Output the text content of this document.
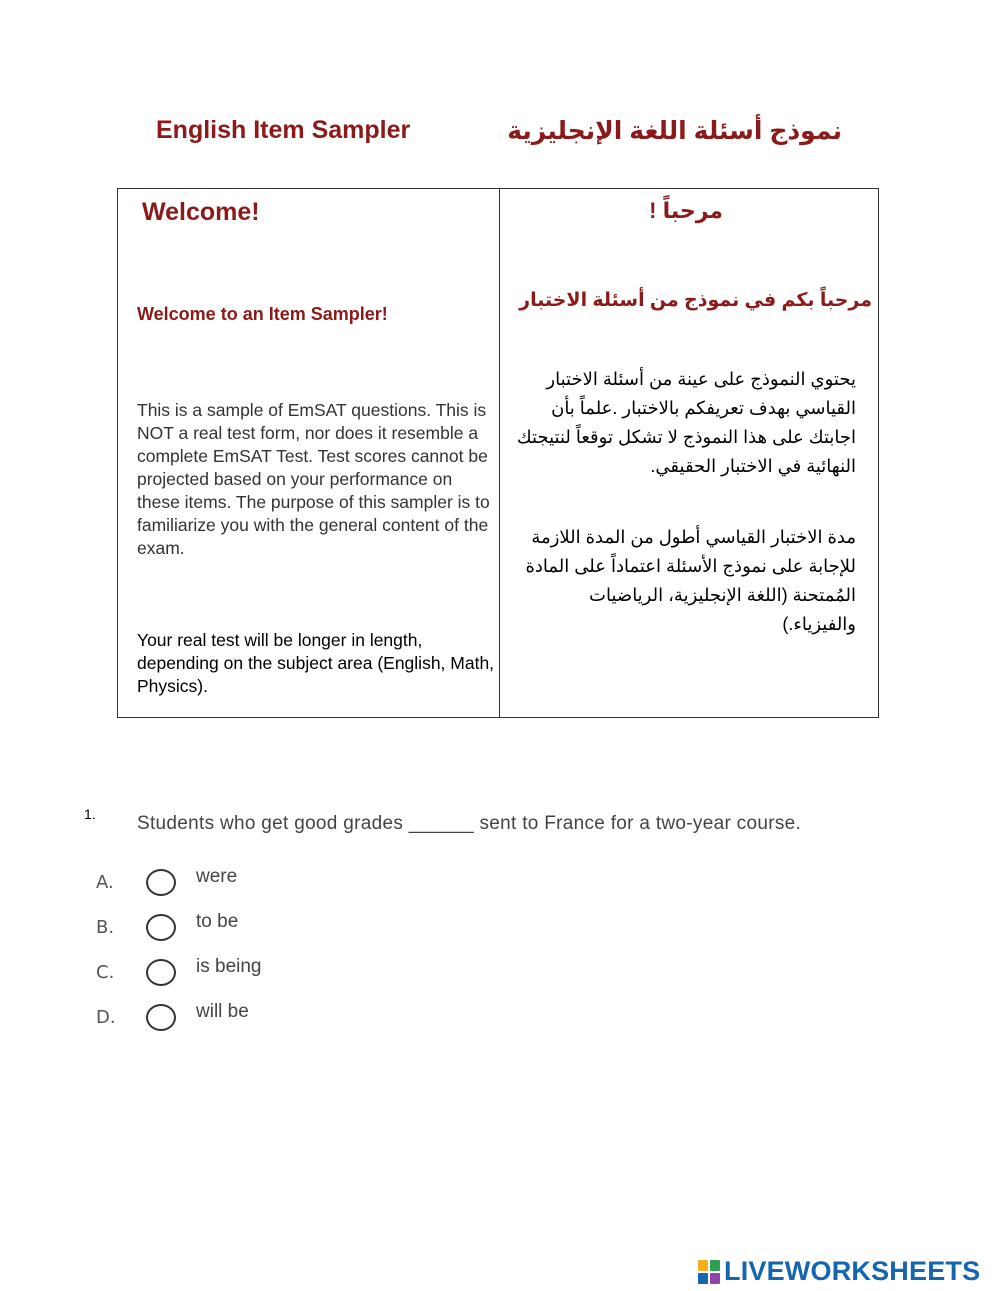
English Item Sampler	نموذج أسئلة اللغة الإنجليزية
Welcome!
Welcome to an Item Sampler!
This is a sample of EmSAT questions. This is NOT a real test form, nor does it resemble a complete EmSAT Test. Test scores cannot be projected based on your performance on these items. The purpose of this sampler is to familiarize you with the general content of the exam.
Your real test will be longer in length, depending on the subject area (English, Math, Physics).
مرحباً !
مرحباً بكم في نموذج من أسئلة الاختبار
يحتوي النموذج على عينة من أسئلة الاختبار القياسي بهدف تعريفكم بالاختبار .علماً بأن اجابتك على هذا النموذج لا تشكل توقعاً لنتيجتك النهائية في الاختبار الحقيقي.
مدة الاختبار القياسي أطول من المدة اللازمة للإجابة على نموذج الأسئلة اعتماداً على المادة المُمتحنة (اللغة الإنجليزية، الرياضيات والفيزياء.)
1. Students who get good grades ______ sent to France for a two-year course.
A.	were
B.	to be
C.	is being
D.	will be
LIVEWORKSHEETS
